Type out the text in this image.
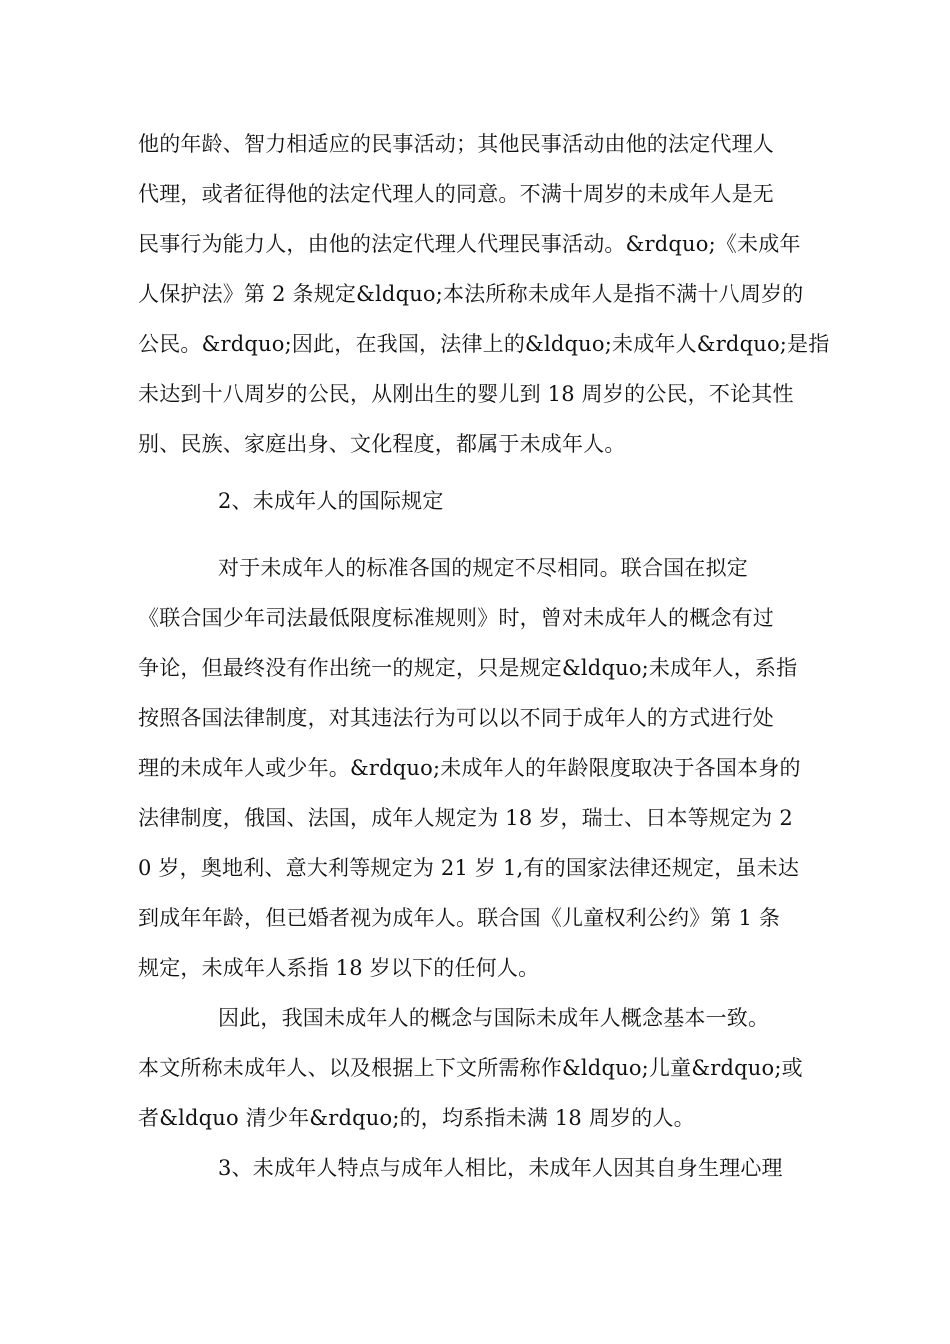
他的年龄、智力相适应的民事活动；其他民事活动由他的法定代理人
代理，或者征得他的法定代理人的同意。不满十周岁的未成年人是无
民事行为能力人，由他的法定代理人代理民事活动。&rdquo;《未成年
人保护法》第 2 条规定&ldquo;本法所称未成年人是指不满十八周岁的
公民。&rdquo;因此，在我国，法律上的&ldquo;未成年人&rdquo;是指
未达到十八周岁的公民，从刚出生的婴儿到 18 周岁的公民，不论其性
别、民族、家庭出身、文化程度，都属于未成年人。
2、未成年人的国际规定
对于未成年人的标准各国的规定不尽相同。联合国在拟定
《联合国少年司法最低限度标准规则》时，曾对未成年人的概念有过
争论，但最终没有作出统一的规定，只是规定&ldquo;未成年人，系指
按照各国法律制度，对其违法行为可以以不同于成年人的方式进行处
理的未成年人或少年。&rdquo;未成年人的年龄限度取决于各国本身的
法律制度，俄国、法国，成年人规定为 18 岁，瑞士、日本等规定为 2
0 岁，奥地利、意大利等规定为 21 岁 1,有的国家法律还规定，虽未达
到成年年龄，但已婚者视为成年人。联合国《儿童权利公约》第 1 条
规定，未成年人系指 18 岁以下的任何人。
因此，我国未成年人的概念与国际未成年人概念基本一致。
本文所称未成年人、以及根据上下文所需称作&ldquo;儿童&rdquo;或
者&ldquo 清少年&rdquo;的，均系指未满 18 周岁的人。
3、未成年人特点与成年人相比，未成年人因其自身生理心理
